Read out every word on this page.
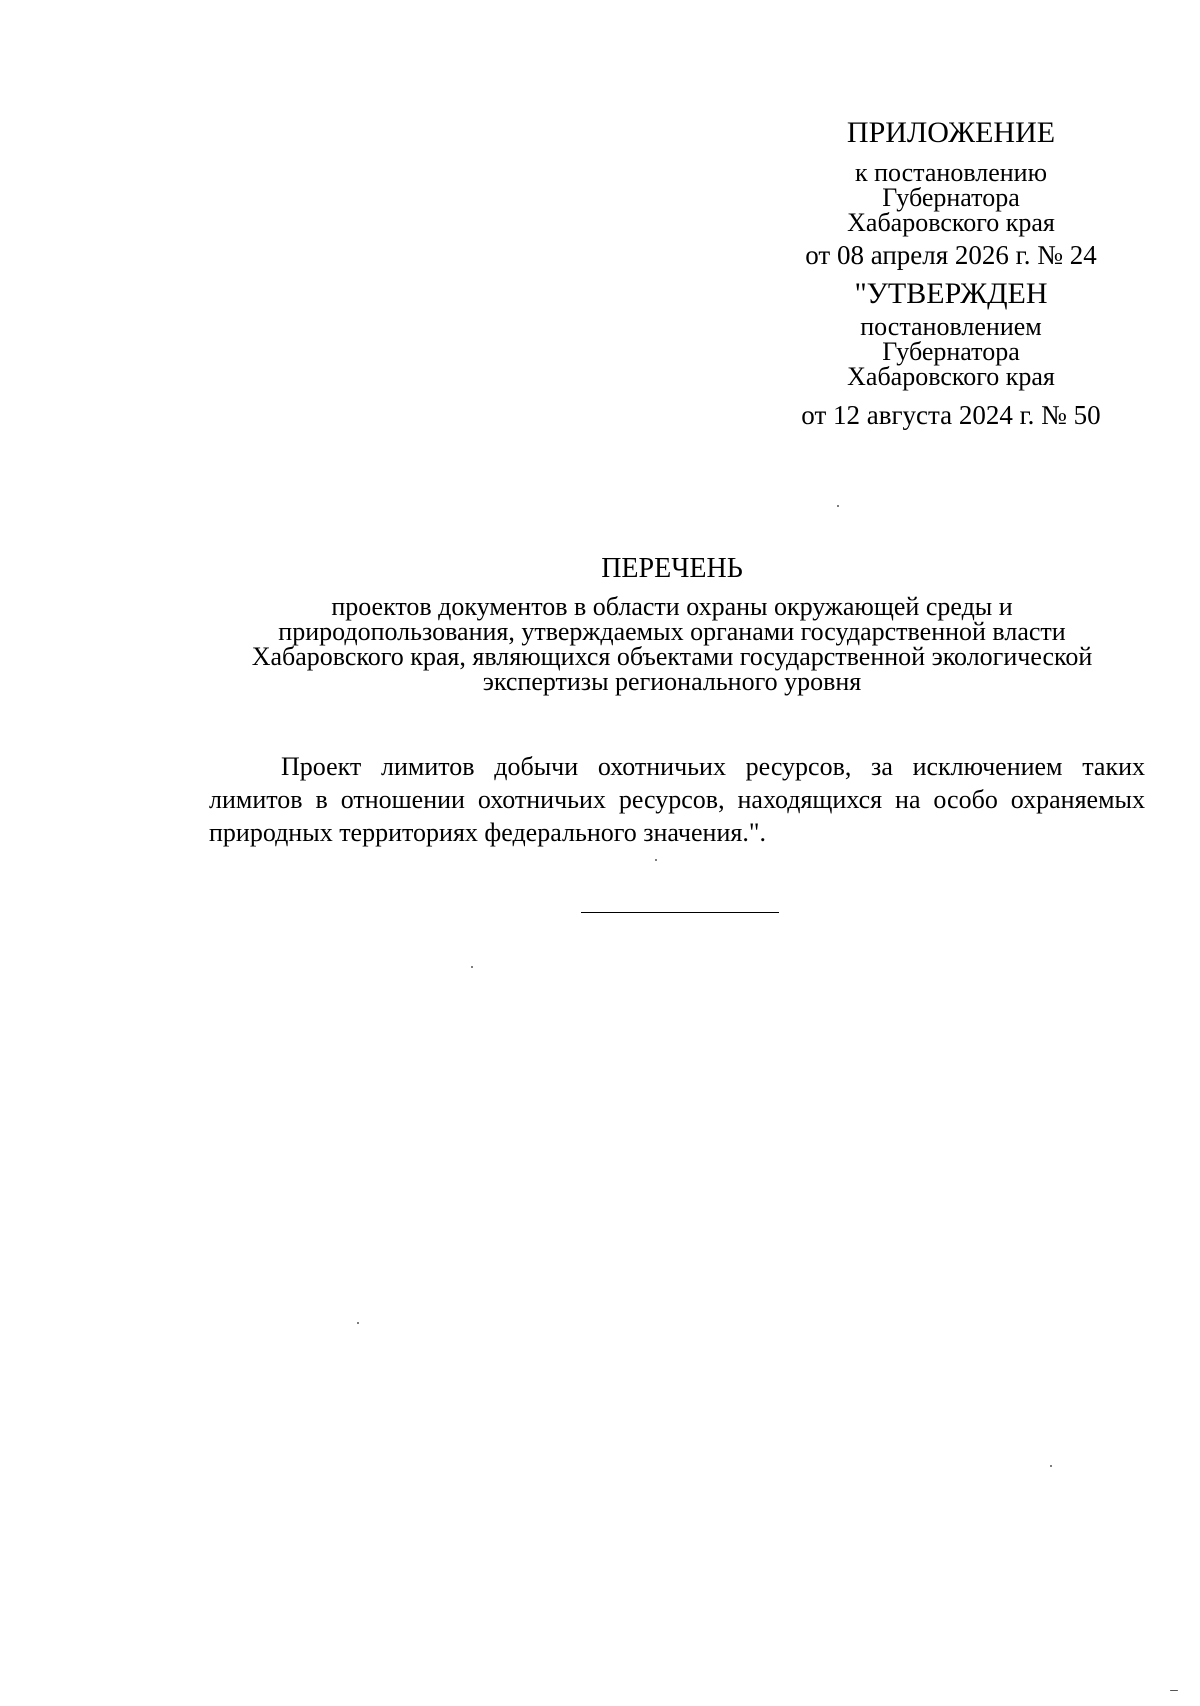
ПРИЛОЖЕНИЕ
к постановлению
Губернатора
Хабаровского края
от 08 апреля 2026 г. № 24
"УТВЕРЖДЕН
постановлением
Губернатора
Хабаровского края
от 12 августа 2024 г. № 50
ПЕРЕЧЕНЬ
проектов документов в области охраны окружающей среды и
природопользования, утверждаемых органами государственной власти
Хабаровского края, являющихся объектами государственной экологической
экспертизы регионального уровня
Проект лимитов добычи охотничьих ресурсов, за исключением таких лимитов в отношении охотничьих ресурсов, находящихся на особо охраняемых природных территориях федерального значения.".
